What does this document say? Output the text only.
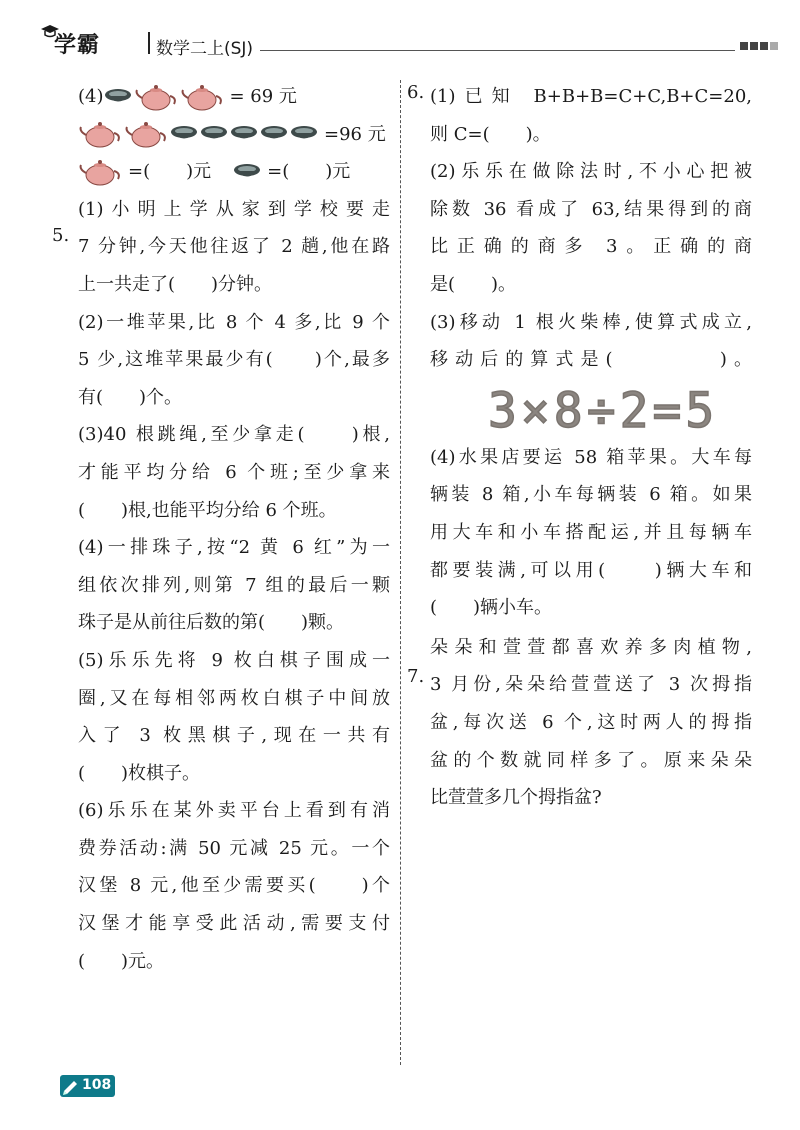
学霸	数学二上(SJ)
(4)	= 69 元
=96 元
=(　　)元	=(　　)元
(1)小明上学从家到学校要走
7 分钟,今天他往返了 2 趟,他在路
上一共走了(　　)分钟。
(2)一堆苹果,比 8 个 4 多,比 9 个
5 少,这堆苹果最少有(　　)个,最多
有(　　)个。
(3)40 根跳绳,至少拿走(　　)根,
才能平均分给 6 个班;至少拿来
(　　)根,也能平均分给 6 个班。
(4)一排珠子,按“2 黄 6 红”为一
组依次排列,则第 7 组的最后一颗
珠子是从前往后数的第(　　)颗。
(5)乐乐先将 9 枚白棋子围成一
圈,又在每相邻两枚白棋子中间放
入了 3 枚黑棋子,现在一共有
(　　)枚棋子。
(6)乐乐在某外卖平台上看到有消
费券活动:满 50 元减 25 元。一个
汉堡 8 元,他至少需要买(　　)个
汉堡才能享受此活动,需要支付
(　　)元。
5.
6. (1)已知 B+B+B=C+C,B+C=20,
则 C=(　　)。
(2)乐乐在做除法时,不小心把被
除数 36 看成了 63,结果得到的商
比正确的商多 3。正确的商
是(　　)。
(3)移动 1 根火柴棒,使算式成立,
移动后的算式是(　　　　)。
3×8÷2=5
(4)水果店要运 58 箱苹果。大车每
辆装 8 箱,小车每辆装 6 箱。如果
用大车和小车搭配运,并且每辆车
都要装满,可以用(　　)辆大车和
(　　)辆小车。
朵朵和萱萱都喜欢养多肉植物,
3 月份,朵朵给萱萱送了 3 次拇指
盆,每次送 6 个,这时两人的拇指
盆的个数就同样多了。原来朵朵
比萱萱多几个拇指盆?
7.
108
